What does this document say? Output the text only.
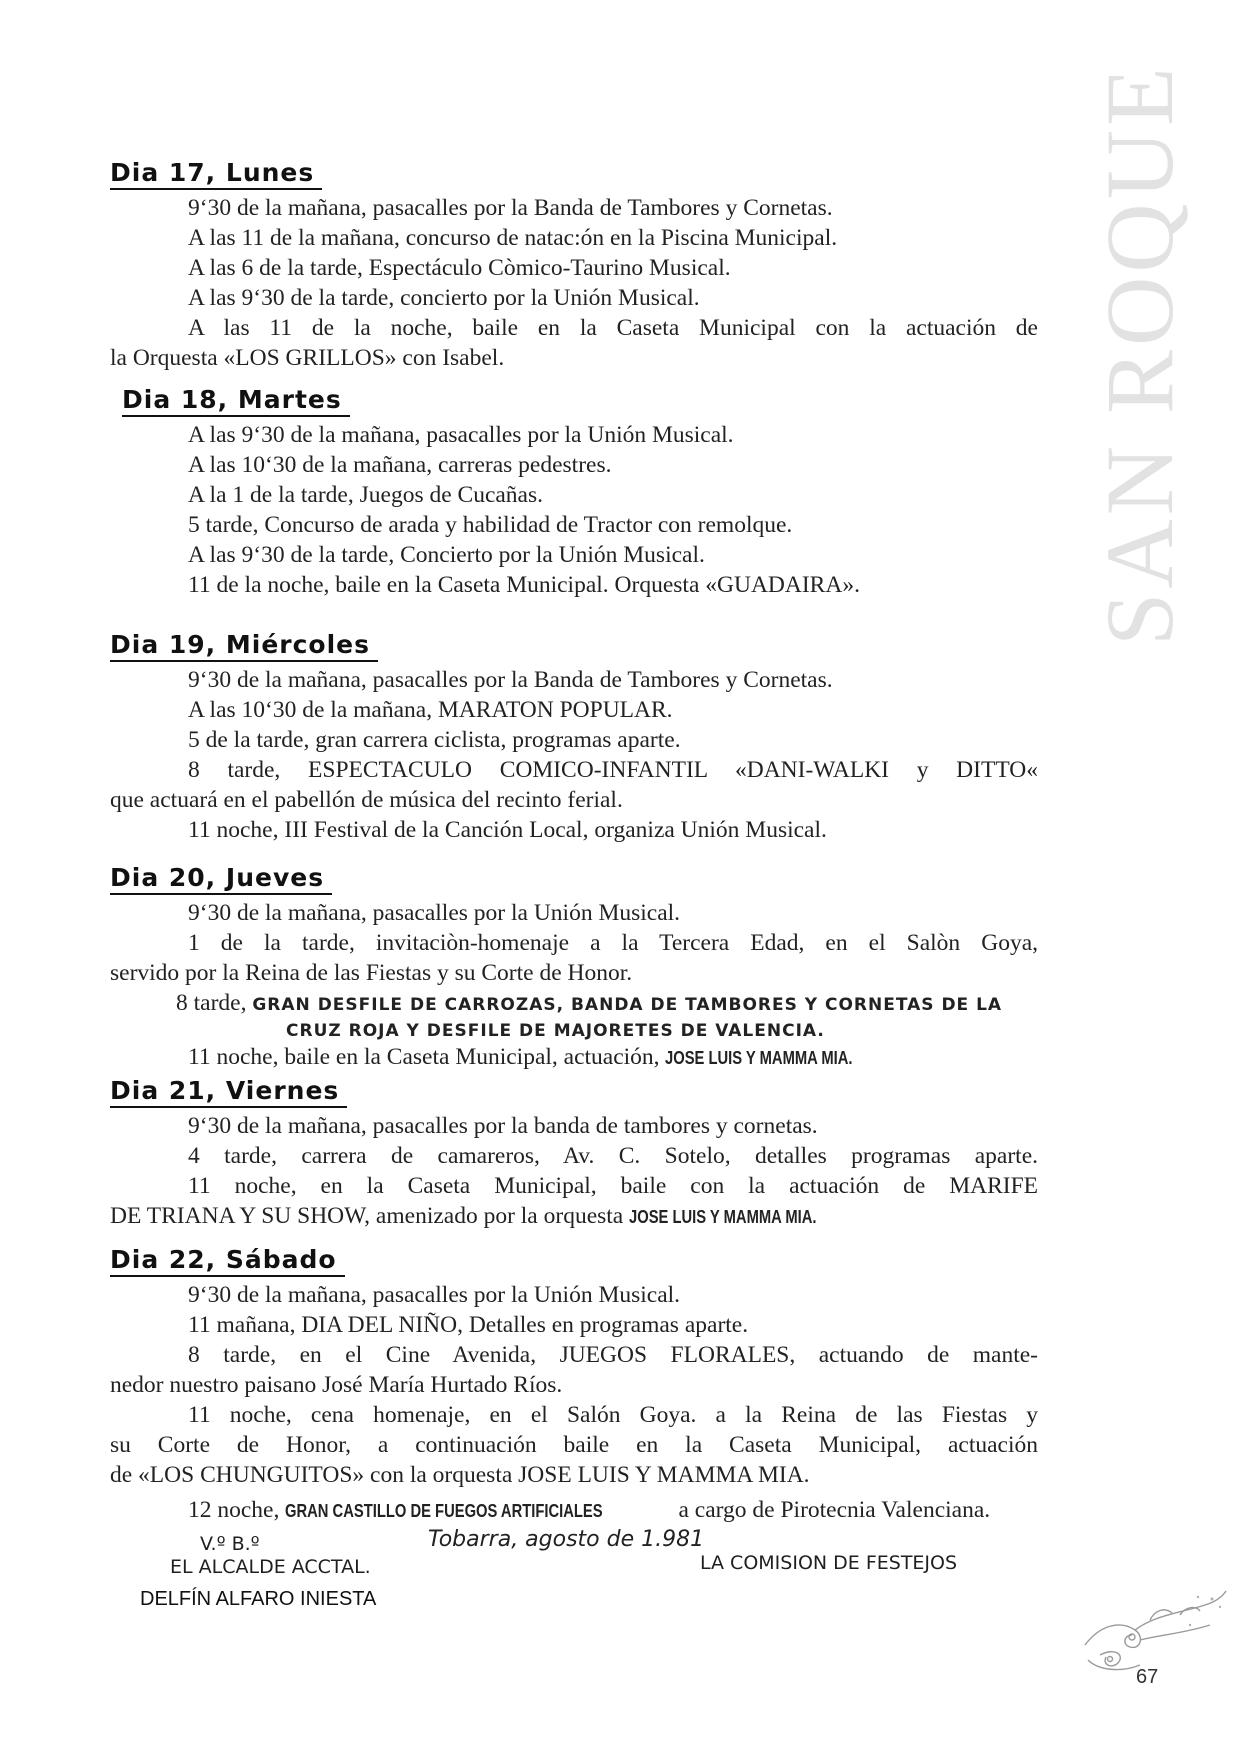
SAN ROQUE
Dia 17, Lunes
9‘30 de la mañana, pasacalles por la Banda de Tambores y Cornetas.
A las 11 de la mañana, concurso de natac:ón en la Piscina Municipal.
A las 6 de la tarde, Espectáculo Còmico-Taurino Musical.
A las 9‘30 de la tarde, concierto por la Unión Musical.
A las 11 de la noche, baile en la Caseta Municipal con la actuación de
la Orquesta «LOS GRILLOS» con Isabel.
Dia 18, Martes
A las 9‘30 de la mañana, pasacalles por la Unión Musical.
A las 10‘30 de la mañana, carreras pedestres.
A la 1 de la tarde, Juegos de Cucañas.
5 tarde, Concurso de arada y habilidad de Tractor con remolque.
A las 9‘30 de la tarde, Concierto por la Unión Musical.
11 de la noche, baile en la Caseta Municipal. Orquesta «GUADAIRA».
Dia 19, Miércoles
9‘30 de la mañana, pasacalles por la Banda de Tambores y Cornetas.
A las 10‘30 de la mañana, MARATON POPULAR.
5 de la tarde, gran carrera ciclista, programas aparte.
8 tarde, ESPECTACULO COMICO-INFANTIL «DANI-WALKI y DITTO«
que actuará en el pabellón de música del recinto ferial.
11 noche, III Festival de la Canción Local, organiza Unión Musical.
Dia 20, Jueves
9‘30 de la mañana, pasacalles por la Unión Musical.
1 de la tarde, invitaciòn-homenaje a la Tercera Edad, en el Salòn Goya,
servido por la Reina de las Fiestas y su Corte de Honor.
8 tarde, GRAN DESFILE DE CARROZAS, BANDA DE TAMBORES Y CORNETAS DE LA
CRUZ ROJA Y DESFILE DE MAJORETES DE VALENCIA.
11 noche, baile en la Caseta Municipal, actuación, JOSE LUIS Y MAMMA MIA.
Dia 21, Viernes
9‘30 de la mañana, pasacalles por la banda de tambores y cornetas.
4 tarde, carrera de camareros, Av. C. Sotelo, detalles programas aparte.
11 noche, en la Caseta Municipal, baile con la actuación de MARIFE
DE TRIANA Y SU SHOW, amenizado por la orquesta JOSE LUIS Y MAMMA MIA.
Dia 22, Sábado
9‘30 de la mañana, pasacalles por la Unión Musical.
11 mañana, DIA DEL NIÑO, Detalles en programas aparte.
8 tarde, en el Cine Avenida, JUEGOS FLORALES, actuando de mante-
nedor nuestro paisano José María Hurtado Ríos.
11 noche, cena homenaje, en el Salón Goya. a la Reina de las Fiestas y
su Corte de Honor, a continuación baile en la Caseta Municipal, actuación
de «LOS CHUNGUITOS» con la orquesta JOSE LUIS Y MAMMA MIA.
12 noche, GRAN CASTILLO DE FUEGOS ARTIFICIALES	a cargo de Pirotecnia Valenciana.
V.º B.º	Tobarra, agosto de 1.981
EL ALCALDE ACCTAL.	LA COMISION DE FESTEJOS
DELFÍN ALFARO INIESTA
67
